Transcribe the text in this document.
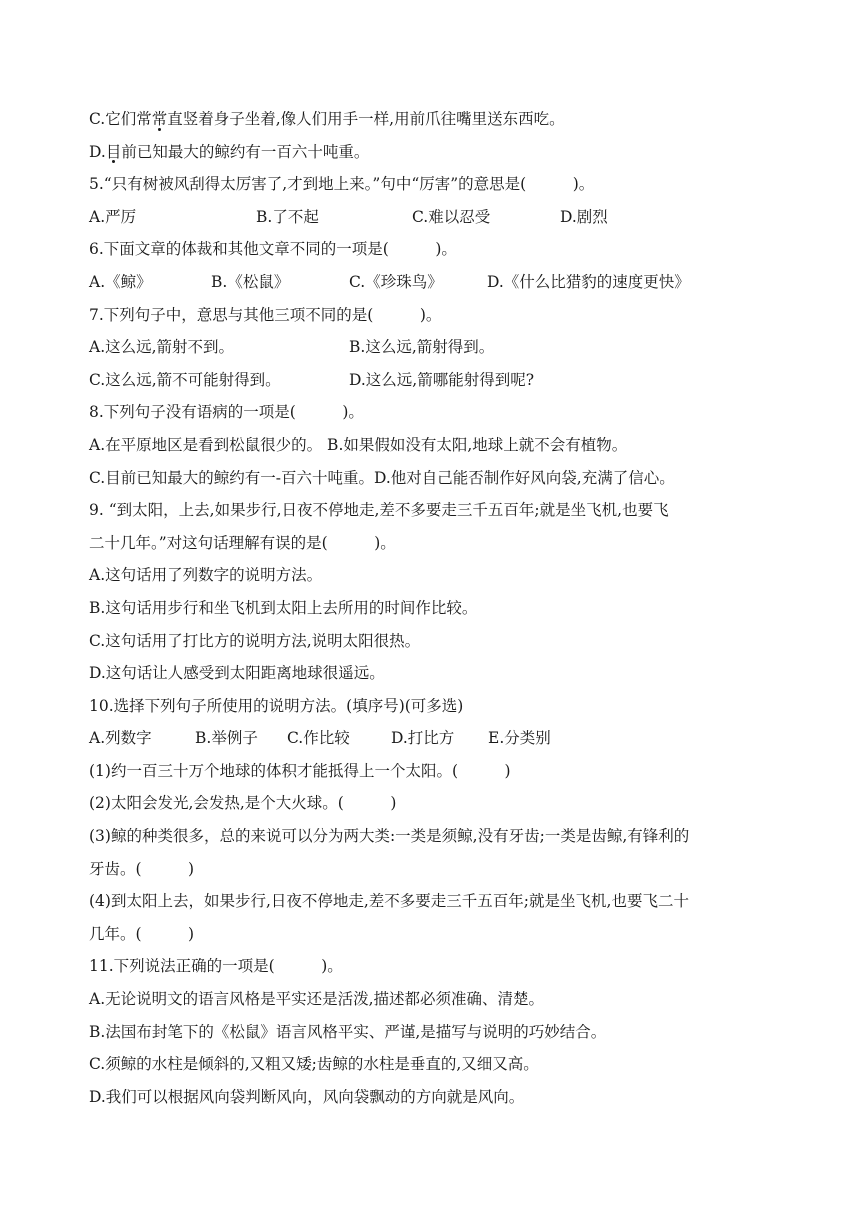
C.它们常常直竖着身子坐着,像人们用手一样,用前爪往嘴里送东西吃。
D.目前已知最大的鲸约有一百六十吨重。
5.“只有树被风刮得太厉害了,才到地上来。”句中“厉害”的意思是(　　　)。
A.严厉	B.了不起	C.难以忍受	D.剧烈
6.下面文章的体裁和其他文章不同的一项是(　　　)。
A.《鲸》	B.《松鼠》	C.《珍珠鸟》	D.《什么比猎豹的速度更快》
7.下列句子中，意思与其他三项不同的是(　　　)。
A.这么远,箭射不到。	B.这么远,箭射得到。
C.这么远,箭不可能射得到。	D.这么远,箭哪能射得到呢?
8.下列句子没有语病的一项是(　　　)。
A.在平原地区是看到松鼠很少的。 B.如果假如没有太阳,地球上就不会有植物。
C.目前已知最大的鲸约有一-百六十吨重。D.他对自己能否制作好风向袋,充满了信心。
9. “到太阳，上去,如果步行,日夜不停地走,差不多要走三千五百年;就是坐飞机,也要飞
二十几年。”对这句话理解有误的是(　　　)。
A.这句话用了列数字的说明方法。
B.这句话用步行和坐飞机到太阳上去所用的时间作比较。
C.这句话用了打比方的说明方法,说明太阳很热。
D.这句话让人感受到太阳距离地球很遥远。
10.选择下列句子所使用的说明方法。(填序号)(可多选)
A.列数字	B.举例子	C.作比较	D.打比方	E.分类别
(1)约一百三十万个地球的体积才能抵得上一个太阳。(　　　)
(2)太阳会发光,会发热,是个大火球。(　　　)
(3)鲸的种类很多，总的来说可以分为两大类:一类是须鲸,没有牙齿;一类是齿鲸,有锋利的
牙齿。(　　　)
(4)到太阳上去，如果步行,日夜不停地走,差不多要走三千五百年;就是坐飞机,也要飞二十
几年。(　　　)
11.下列说法正确的一项是(　　　)。
A.无论说明文的语言风格是平实还是活泼,描述都必须准确、清楚。
B.法国布封笔下的《松鼠》语言风格平实、严谨,是描写与说明的巧妙结合。
C.须鲸的水柱是倾斜的,又粗又矮;齿鲸的水柱是垂直的,又细又高。
D.我们可以根据风向袋判断风向，风向袋飘动的方向就是风向。
